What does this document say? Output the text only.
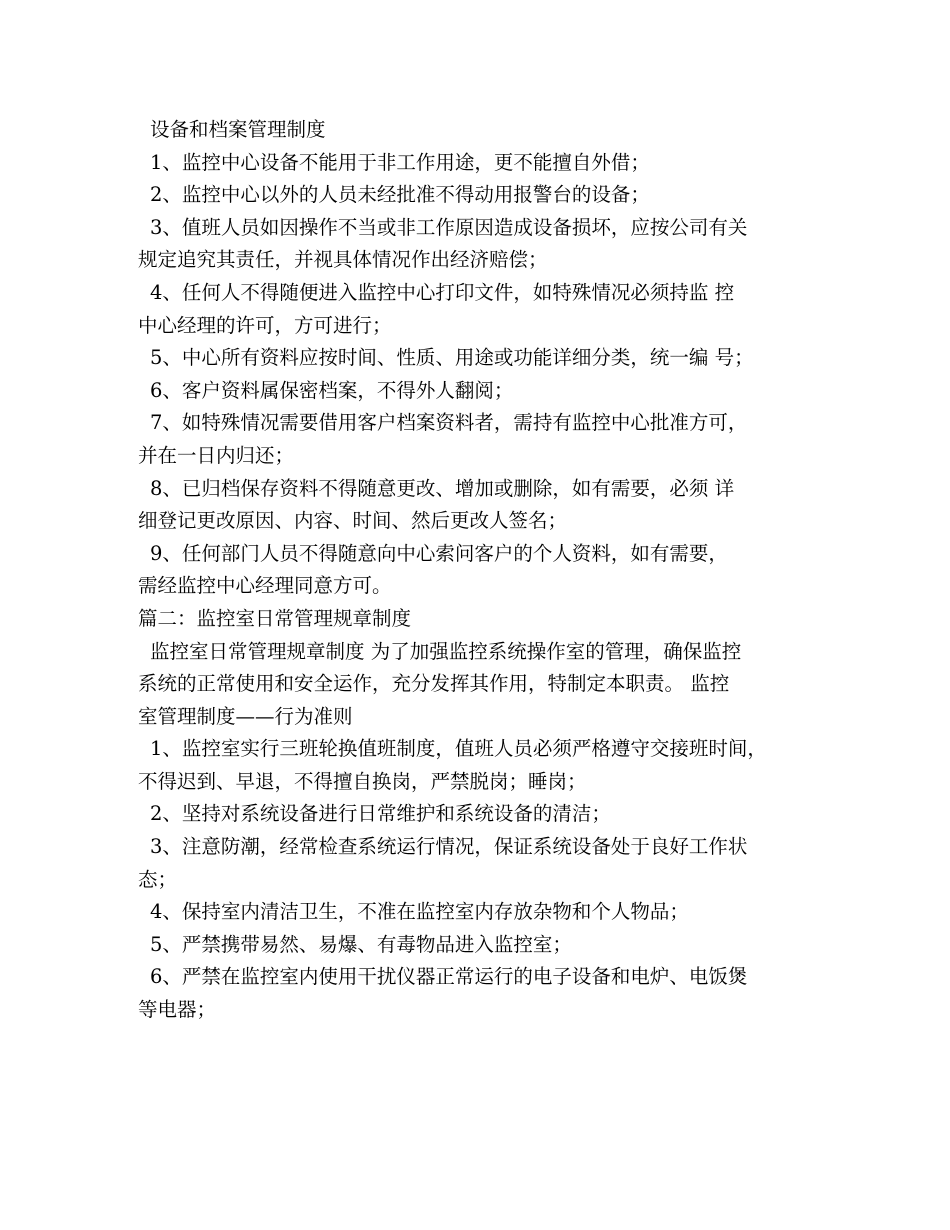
设备和档案管理制度
1、监控中心设备不能用于非工作用途，更不能擅自外借；
2、监控中心以外的人员未经批准不得动用报警台的设备；
3、值班人员如因操作不当或非工作原因造成设备损坏，应按公司有关
规定追究其责任，并视具体情况作出经济赔偿；
4、任何人不得随便进入监控中心打印文件，如特殊情况必须持监 控
中心经理的许可，方可进行；
5、中心所有资料应按时间、性质、用途或功能详细分类，统一编 号；
6、客户资料属保密档案，不得外人翻阅；
7、如特殊情况需要借用客户档案资料者，需持有监控中心批准方可，
并在一日内归还；
8、已归档保存资料不得随意更改、增加或删除，如有需要，必须 详
细登记更改原因、内容、时间、然后更改人签名；
9、任何部门人员不得随意向中心索问客户的个人资料，如有需要，
需经监控中心经理同意方可。
篇二：监控室日常管理规章制度
监控室日常管理规章制度 为了加强监控系统操作室的管理，确保监控
系统的正常使用和安全运作，充分发挥其作用，特制定本职责。 监控
室管理制度——行为准则
1、监控室实行三班轮换值班制度，值班人员必须严格遵守交接班时间，
不得迟到、早退，不得擅自换岗，严禁脱岗；睡岗；
2、坚持对系统设备进行日常维护和系统设备的清洁；
3、注意防潮，经常检查系统运行情况，保证系统设备处于良好工作状
态；
4、保持室内清洁卫生，不准在监控室内存放杂物和个人物品；
5、严禁携带易然、易爆、有毒物品进入监控室；
6、严禁在监控室内使用干扰仪器正常运行的电子设备和电炉、电饭煲
等电器；
